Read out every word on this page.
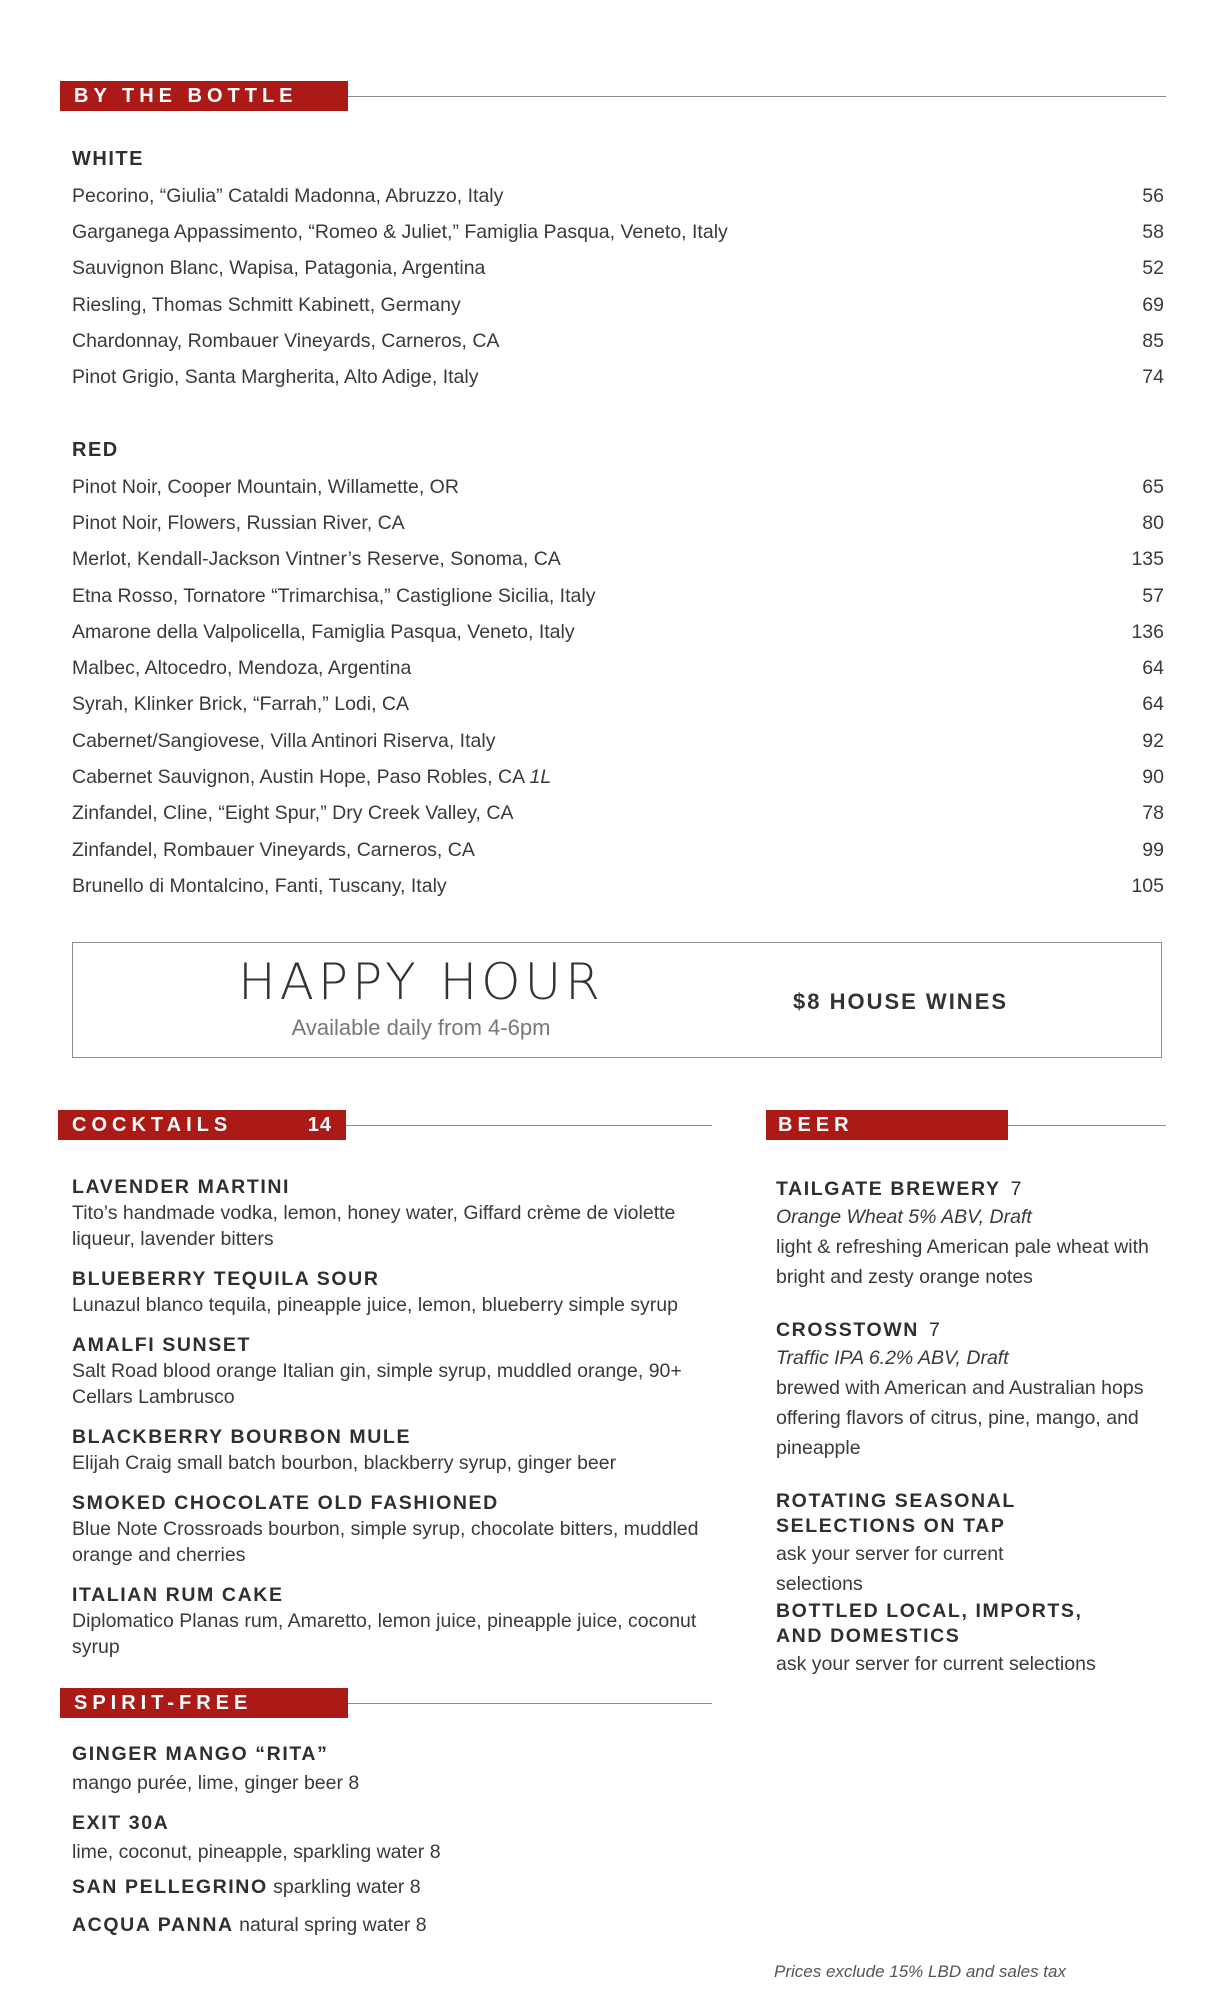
BY THE BOTTLE
WHITE
Pecorino, “Giulia” Cataldi Madonna, Abruzzo, Italy	56
Garganega Appassimento, “Romeo & Juliet,” Famiglia Pasqua, Veneto, Italy	58
Sauvignon Blanc, Wapisa, Patagonia, Argentina	52
Riesling, Thomas Schmitt Kabinett, Germany	69
Chardonnay, Rombauer Vineyards, Carneros, CA	85
Pinot Grigio, Santa Margherita, Alto Adige, Italy	74
RED
Pinot Noir, Cooper Mountain, Willamette, OR	65
Pinot Noir, Flowers, Russian River, CA	80
Merlot, Kendall-Jackson Vintner’s Reserve, Sonoma, CA	135
Etna Rosso, Tornatore “Trimarchisa,” Castiglione Sicilia, Italy	57
Amarone della Valpolicella, Famiglia Pasqua, Veneto, Italy	136
Malbec, Altocedro, Mendoza, Argentina	64
Syrah, Klinker Brick, “Farrah,” Lodi, CA	64
Cabernet/Sangiovese, Villa Antinori Riserva, Italy	92
Cabernet Sauvignon, Austin Hope, Paso Robles, CA 1L	90
Zinfandel, Cline, “Eight Spur,” Dry Creek Valley, CA	78
Zinfandel, Rombauer Vineyards, Carneros, CA	99
Brunello di Montalcino, Fanti, Tuscany, Italy	105
HAPPY HOUR
Available daily from 4-6pm
$8 HOUSE WINES
COCKTAILS	14
LAVENDER MARTINI
Tito’s handmade vodka, lemon, honey water, Giffard crème de violette liqueur, lavender bitters
BLUEBERRY TEQUILA SOUR
Lunazul blanco tequila, pineapple juice, lemon, blueberry simple syrup
AMALFI SUNSET
Salt Road blood orange Italian gin, simple syrup, muddled orange, 90+ Cellars Lambrusco
BLACKBERRY BOURBON MULE
Elijah Craig small batch bourbon, blackberry syrup, ginger beer
SMOKED CHOCOLATE OLD FASHIONED
Blue Note Crossroads bourbon, simple syrup, chocolate bitters, muddled orange and cherries
ITALIAN RUM CAKE
Diplomatico Planas rum, Amaretto, lemon juice, pineapple juice, coconut syrup
SPIRIT-FREE
GINGER MANGO “RITA”
mango purée, lime, ginger beer 8
EXIT 30A
lime, coconut, pineapple, sparkling water 8
SAN PELLEGRINO sparkling water 8
ACQUA PANNA natural spring water 8
BEER
TAILGATE BREWERY 7
Orange Wheat 5% ABV, Draft
light & refreshing American pale wheat with bright and zesty orange notes
CROSSTOWN 7
Traffic IPA 6.2% ABV, Draft
brewed with American and Australian hops offering flavors of citrus, pine, mango, and pineapple
ROTATING SEASONAL SELECTIONS ON TAP
ask your server for current selections
BOTTLED LOCAL, IMPORTS, AND DOMESTICS
ask your server for current selections
Prices exclude 15% LBD and sales tax
